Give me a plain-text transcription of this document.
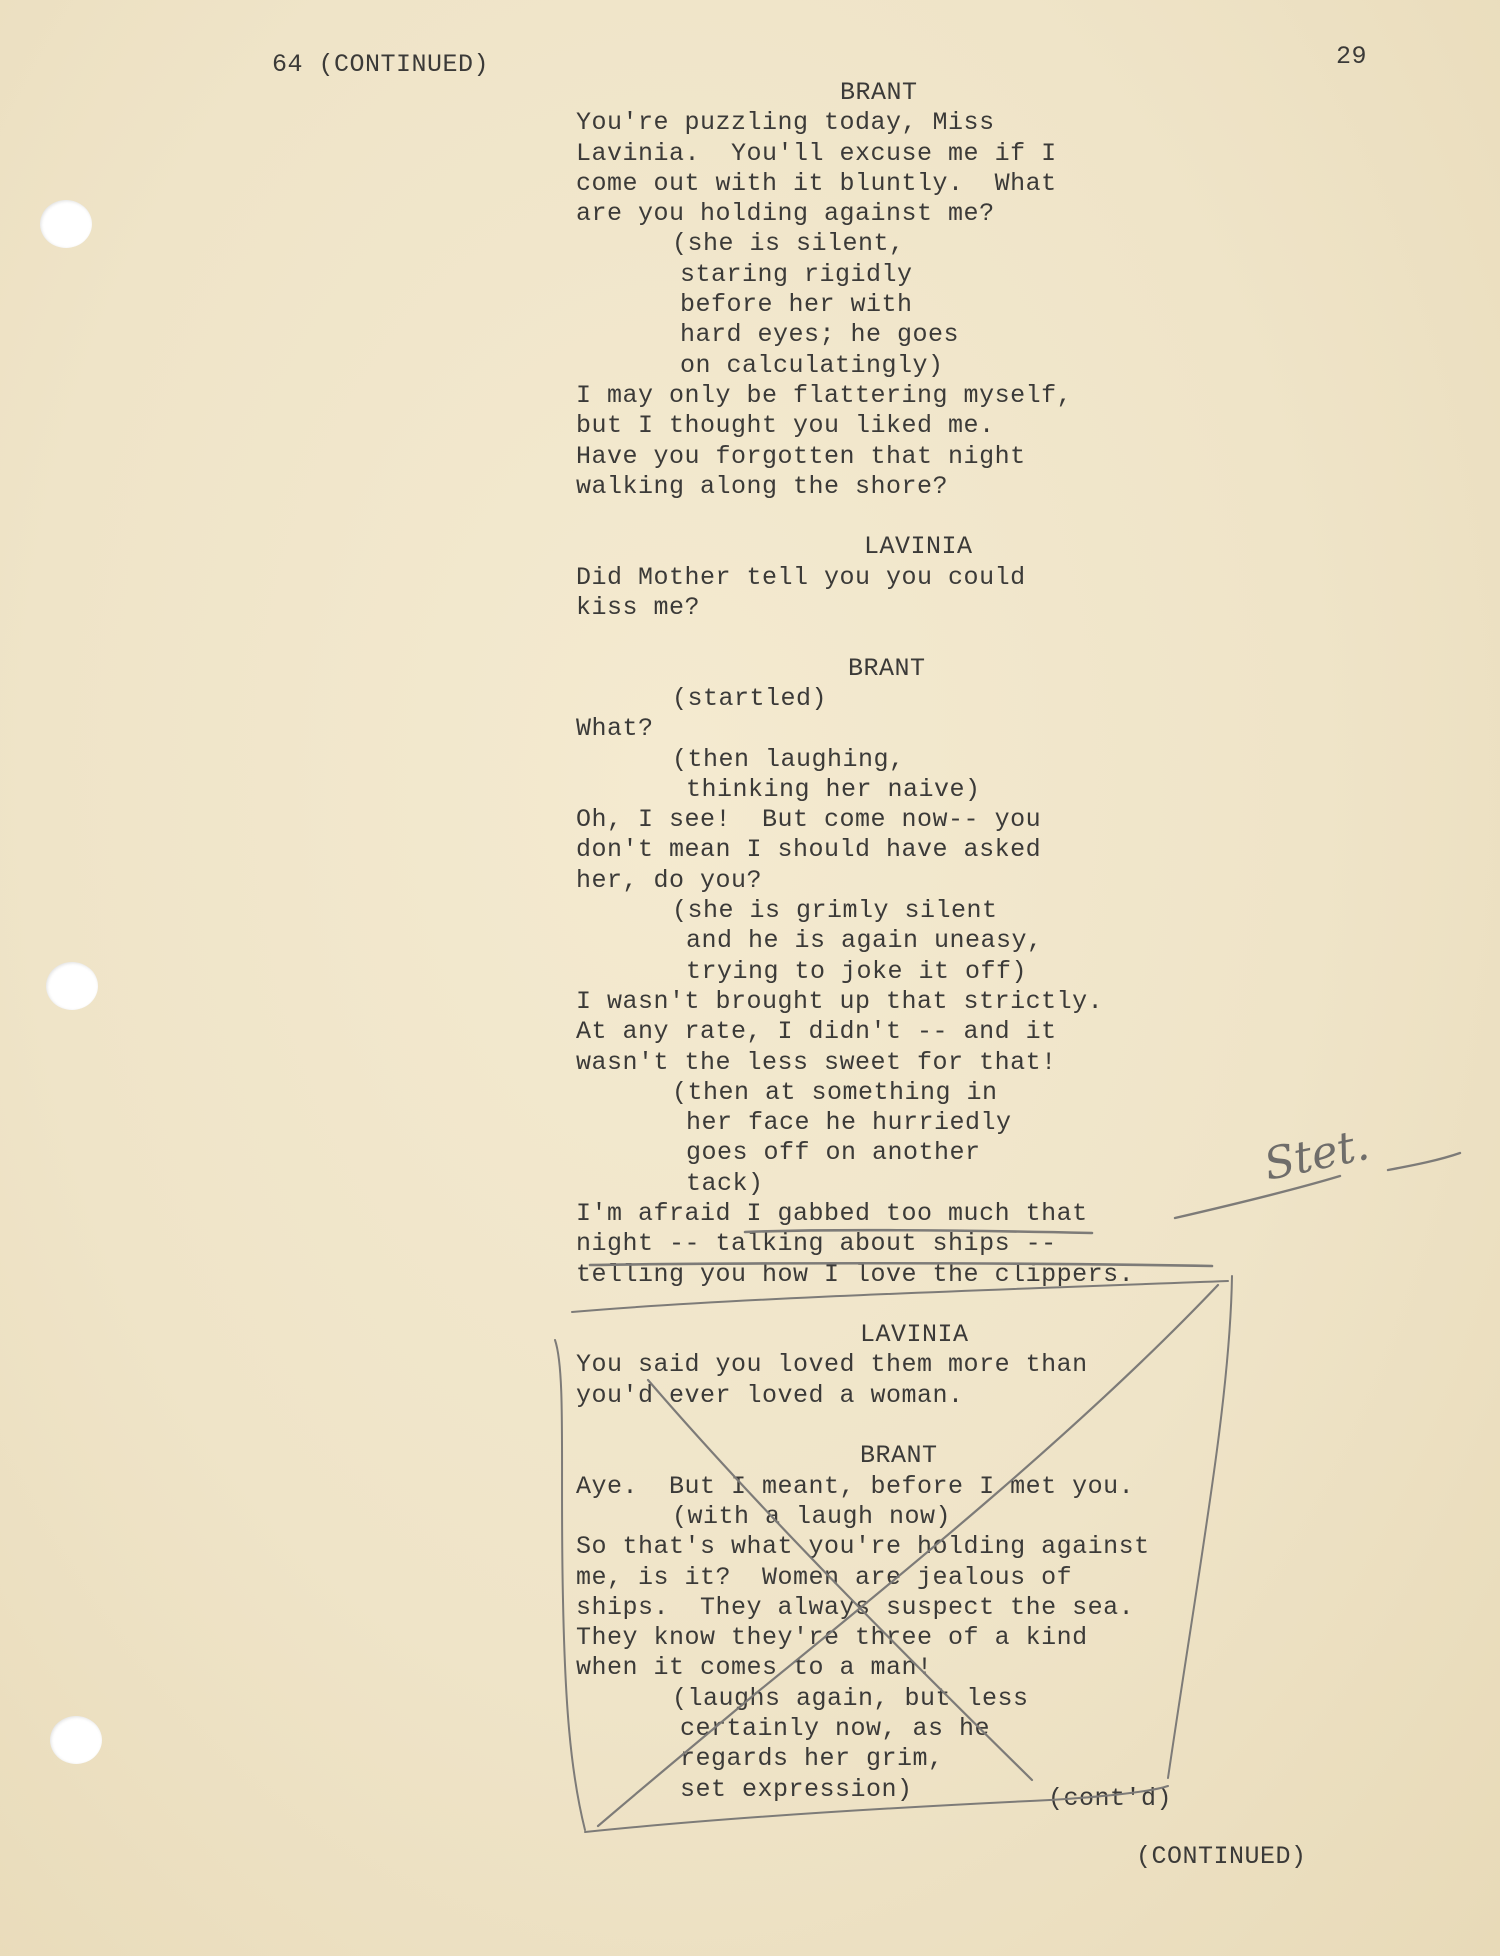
64 (CONTINUED)	29
BRANT
You're puzzling today, Miss
Lavinia.  You'll excuse me if I
come out with it bluntly.  What
are you holding against me?
(she is silent,
staring rigidly
before her with
hard eyes; he goes
on calculatingly)
I may only be flattering myself,
but I thought you liked me.
Have you forgotten that night
walking along the shore?
LAVINIA
Did Mother tell you you could
kiss me?
BRANT
(startled)
What?
(then laughing,
thinking her naive)
Oh, I see!  But come now-- you
don't mean I should have asked
her, do you?
(she is grimly silent
and he is again uneasy,
trying to joke it off)
I wasn't brought up that strictly.
At any rate, I didn't -- and it
wasn't the less sweet for that!
(then at something in
her face he hurriedly
goes off on another
tack)
I'm afraid I gabbed too much that
night -- talking about ships --
telling you how I love the clippers.
LAVINIA
You said you loved them more than
you'd ever loved a woman.
BRANT
Aye.  But I meant, before I met you.
(with a laugh now)
So that's what you're holding against
me, is it?  Women are jealous of
ships.  They always suspect the sea.
They know they're three of a kind
when it comes to a man!
(laughs again, but less
certainly now, as he
regards her grim,
set expression)	(cont'd)
(CONTINUED)
Stet.
